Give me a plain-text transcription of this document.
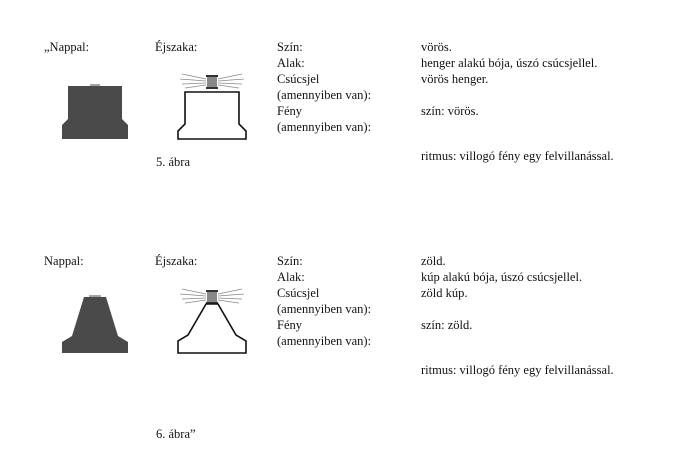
„Nappal:	Éjszaka:
5. ábra
Szín:
Alak:
Csúcsjel
(amennyiben van):
Fény
(amennyiben van):
vörös.
henger alakú bója, úszó csúcsjellel.
vörös henger.
szín: vörös.
ritmus: villogó fény egy felvillanással.
Nappal:	Éjszaka:
6. ábra”
Szín:
Alak:
Csúcsjel
(amennyiben van):
Fény
(amennyiben van):
zöld.
kúp alakú bója, úszó csúcsjellel.
zöld kúp.
szín: zöld.
ritmus: villogó fény egy felvillanással.
